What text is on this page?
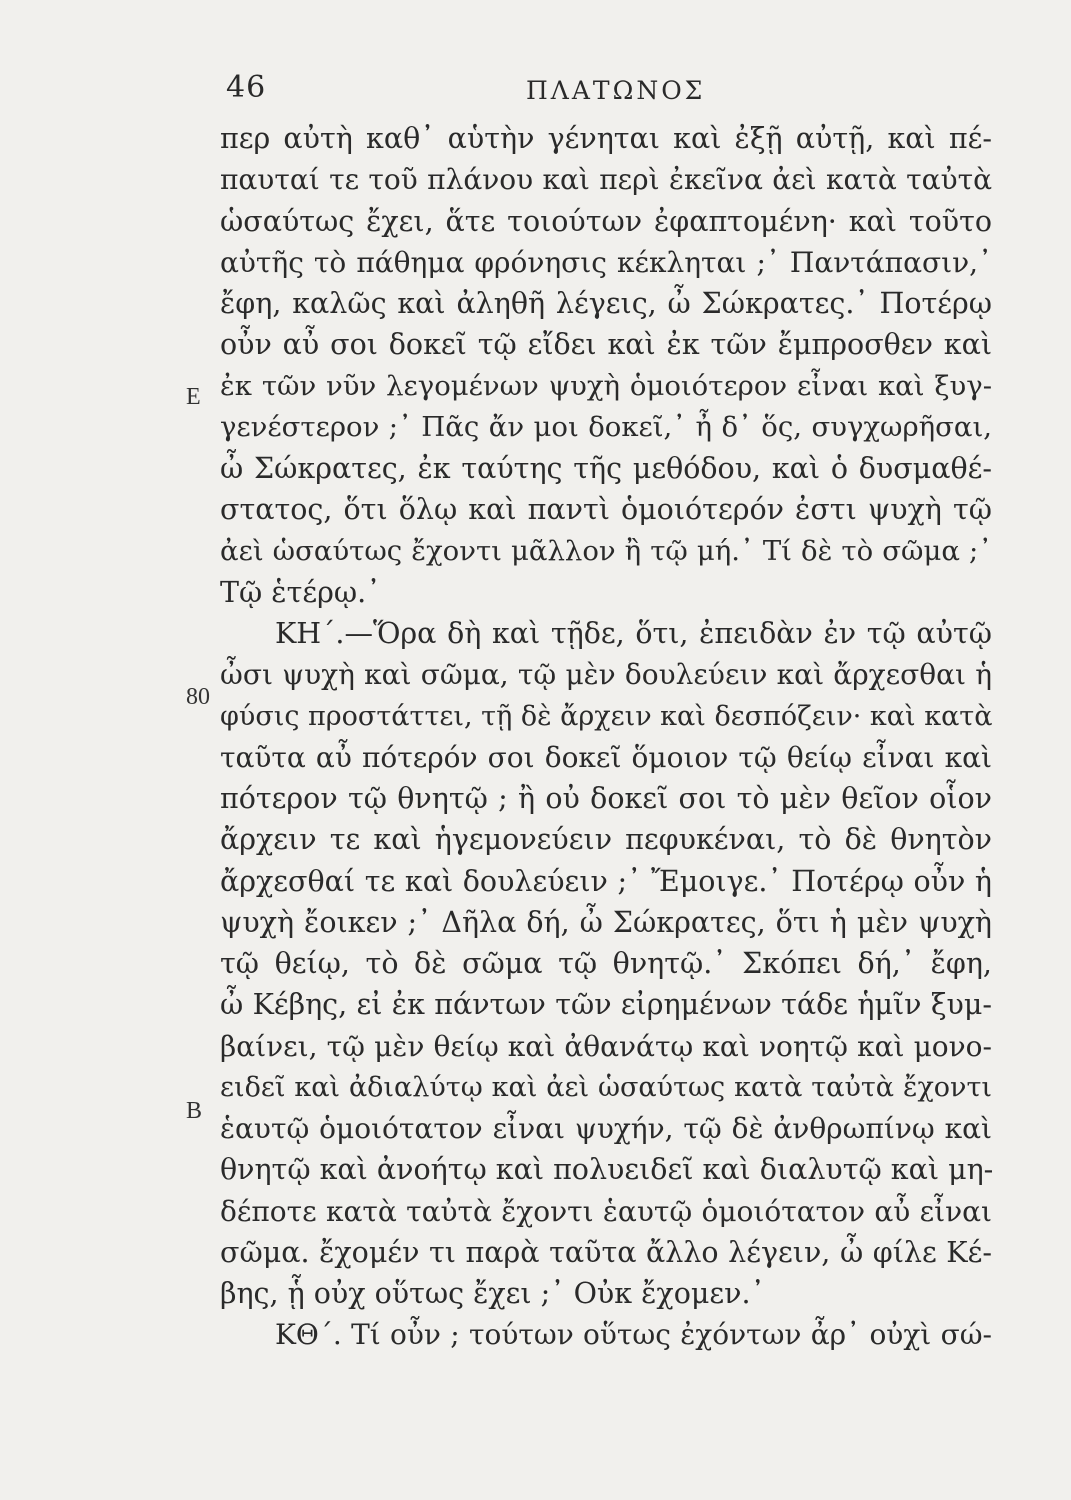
46	ΠΛΑΤΩΝΟΣ
E
80
B
περ αὐτὴ καθ᾽ αὑτὴν γένηται καὶ ἐξῇ αὐτῇ, καὶ πέ-
παυταί τε τοῦ πλάνου καὶ περὶ ἐκεῖνα ἀεὶ κατὰ ταὐτὰ
ὡσαύτως ἔχει, ἅτε τοιούτων ἐφαπτομένη· καὶ τοῦτο
αὐτῆς τὸ πάθημα φρόνησις κέκληται ;᾽ Παντάπασιν,᾽
ἔφη, καλῶς καὶ ἀληθῆ λέγεις, ὦ Σώκρατες.᾽ Ποτέρῳ
οὖν αὖ σοι δοκεῖ τῷ εἴδει καὶ ἐκ τῶν ἔμπροσθεν καὶ
ἐκ τῶν νῦν λεγομένων ψυχὴ ὁμοιότερον εἶναι καὶ ξυγ-
γενέστερον ;᾽ Πᾶς ἄν μοι δοκεῖ,᾽ ἦ δ᾽ ὅς, συγχωρῆσαι,
ὦ Σώκρατες, ἐκ ταύτης τῆς μεθόδου, καὶ ὁ δυσμαθέ-
στατος, ὅτι ὅλῳ καὶ παντὶ ὁμοιότερόν ἐστι ψυχὴ τῷ
ἀεὶ ὡσαύτως ἔχοντι μᾶλλον ἢ τῷ μή.᾽ Τί δὲ τὸ σῶμα ;᾽
Τῷ ἑτέρῳ.᾽
ΚΗ΄.—Ὅρα δὴ καὶ τῇδε, ὅτι, ἐπειδὰν ἐν τῷ αὐτῷ
ὦσι ψυχὴ καὶ σῶμα, τῷ μὲν δουλεύειν καὶ ἄρχεσθαι ἡ
φύσις προστάττει, τῇ δὲ ἄρχειν καὶ δεσπόζειν· καὶ κατὰ
ταῦτα αὖ πότερόν σοι δοκεῖ ὅμοιον τῷ θείῳ εἶναι καὶ
πότερον τῷ θνητῷ ; ἢ οὐ δοκεῖ σοι τὸ μὲν θεῖον οἷον
ἄρχειν τε καὶ ἡγεμονεύειν πεφυκέναι, τὸ δὲ θνητὸν
ἄρχεσθαί τε καὶ δουλεύειν ;᾽ Ἔμοιγε.᾽ Ποτέρῳ οὖν ἡ
ψυχὴ ἔοικεν ;᾽ Δῆλα δή, ὦ Σώκρατες, ὅτι ἡ μὲν ψυχὴ
τῷ θείῳ, τὸ δὲ σῶμα τῷ θνητῷ.᾽ Σκόπει δή,᾽ ἔφη,
ὦ Κέβης, εἰ ἐκ πάντων τῶν εἰρημένων τάδε ἡμῖν ξυμ-
βαίνει, τῷ μὲν θείῳ καὶ ἀθανάτῳ καὶ νοητῷ καὶ μονο-
ειδεῖ καὶ ἀδιαλύτῳ καὶ ἀεὶ ὡσαύτως κατὰ ταὐτὰ ἔχοντι
ἑαυτῷ ὁμοιότατον εἶναι ψυχήν, τῷ δὲ ἀνθρωπίνῳ καὶ
θνητῷ καὶ ἀνοήτῳ καὶ πολυειδεῖ καὶ διαλυτῷ καὶ μη-
δέποτε κατὰ ταὐτὰ ἔχοντι ἑαυτῷ ὁμοιότατον αὖ εἶναι
σῶμα. ἔχομέν τι παρὰ ταῦτα ἄλλο λέγειν, ὦ φίλε Κέ-
βης, ᾗ οὐχ οὕτως ἔχει ;᾽ Οὐκ ἔχομεν.᾽
ΚΘ΄. Τί οὖν ; τούτων οὕτως ἐχόντων ἆρ᾽ οὐχὶ σώ-
